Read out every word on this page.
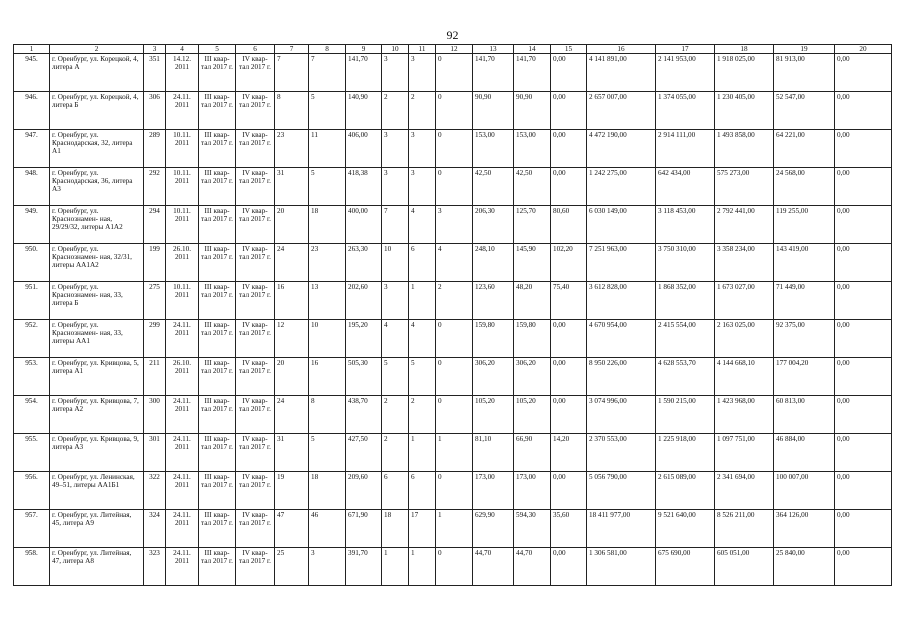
92
1	2	3	4	5	6	7	8	9	10	11	12	13	14	15	16	17	18	19	20
945.	г. Оренбург, ул. Корецкой, 4, литера А	351	14.12. 2011	III квар- тал 2017 г.	IV квар- тал 2017 г.	7	7	141,70	3	3	0	141,70	141,70	0,00	4 141 891,00	2 141 953,00	1 918 025,00	81 913,00	0,00
946.	г. Оренбург, ул. Корецкой, 4, литера Б	306	24.11. 2011	III квар- тал 2017 г.	IV квар- тал 2017 г.	8	5	140,90	2	2	0	90,90	90,90	0,00	2 657 007,00	1 374 055,00	1 230 405,00	52 547,00	0,00
947.	г. Оренбург, ул. Краснодарская, 32, литера А1	289	10.11. 2011	III квар- тал 2017 г.	IV квар- тал 2017 г.	23	11	406,00	3	3	0	153,00	153,00	0,00	4 472 190,00	2 914 111,00	1 493 858,00	64 221,00	0,00
948.	г. Оренбург, ул. Краснодарская, 36, литера А3	292	10.11. 2011	III квар- тал 2017 г.	IV квар- тал 2017 г.	31	5	418,38	3	3	0	42,50	42,50	0,00	1 242 275,00	642 434,00	575 273,00	24 568,00	0,00
949.	г. Оренбург, ул. Краснознамен- ная, 29/29/32, литеры А1А2	294	10.11. 2011	III квар- тал 2017 г.	IV квар- тал 2017 г.	20	18	400,00	7	4	3	206,30	125,70	80,60	6 030 149,00	3 118 453,00	2 792 441,00	119 255,00	0,00
950.	г. Оренбург, ул. Краснознамен- ная, 32/31, литеры АА1А2	199	26.10. 2011	III квар- тал 2017 г.	IV квар- тал 2017 г.	24	23	263,30	10	6	4	248,10	145,90	102,20	7 251 963,00	3 750 310,00	3 358 234,00	143 419,00	0,00
951.	г. Оренбург, ул. Краснознамен- ная, 33, литера Б	275	10.11. 2011	III квар- тал 2017 г.	IV квар- тал 2017 г.	16	13	202,60	3	1	2	123,60	48,20	75,40	3 612 828,00	1 868 352,00	1 673 027,00	71 449,00	0,00
952.	г. Оренбург, ул. Краснознамен- ная, 33, литеры АА1	299	24.11. 2011	III квар- тал 2017 г.	IV квар- тал 2017 г.	12	10	195,20	4	4	0	159,80	159,80	0,00	4 670 954,00	2 415 554,00	2 163 025,00	92 375,00	0,00
953.	г. Оренбург, ул. Кривцова, 5, литера А1	211	26.10. 2011	III квар- тал 2017 г.	IV квар- тал 2017 г.	20	16	505,30	5	5	0	306,20	306,20	0,00	8 950 226,00	4 628 553,70	4 144 668,10	177 004,20	0,00
954.	г. Оренбург, ул. Кривцова, 7, литера А2	300	24.11. 2011	III квар- тал 2017 г.	IV квар- тал 2017 г.	24	8	438,70	2	2	0	105,20	105,20	0,00	3 074 996,00	1 590 215,00	1 423 968,00	60 813,00	0,00
955.	г. Оренбург, ул. Кривцова, 9, литера А3	301	24.11. 2011	III квар- тал 2017 г.	IV квар- тал 2017 г.	31	5	427,50	2	1	1	81,10	66,90	14,20	2 370 553,00	1 225 918,00	1 097 751,00	46 884,00	0,00
956.	г. Оренбург, ул. Ленинская, 49–51, литеры АА1Б1	322	24.11. 2011	III квар- тал 2017 г.	IV квар- тал 2017 г.	19	18	209,60	6	6	0	173,00	173,00	0,00	5 056 790,00	2 615 089,00	2 341 694,00	100 007,00	0,00
957.	г. Оренбург, ул. Литейная, 45, литера А9	324	24.11. 2011	III квар- тал 2017 г.	IV квар- тал 2017 г.	47	46	671,90	18	17	1	629,90	594,30	35,60	18 411 977,00	9 521 640,00	8 526 211,00	364 126,00	0,00
958.	г. Оренбург, ул. Литейная, 47, литера А8	323	24.11. 2011	III квар- тал 2017 г.	IV квар- тал 2017 г.	25	3	391,70	1	1	0	44,70	44,70	0,00	1 306 581,00	675 690,00	605 051,00	25 840,00	0,00
